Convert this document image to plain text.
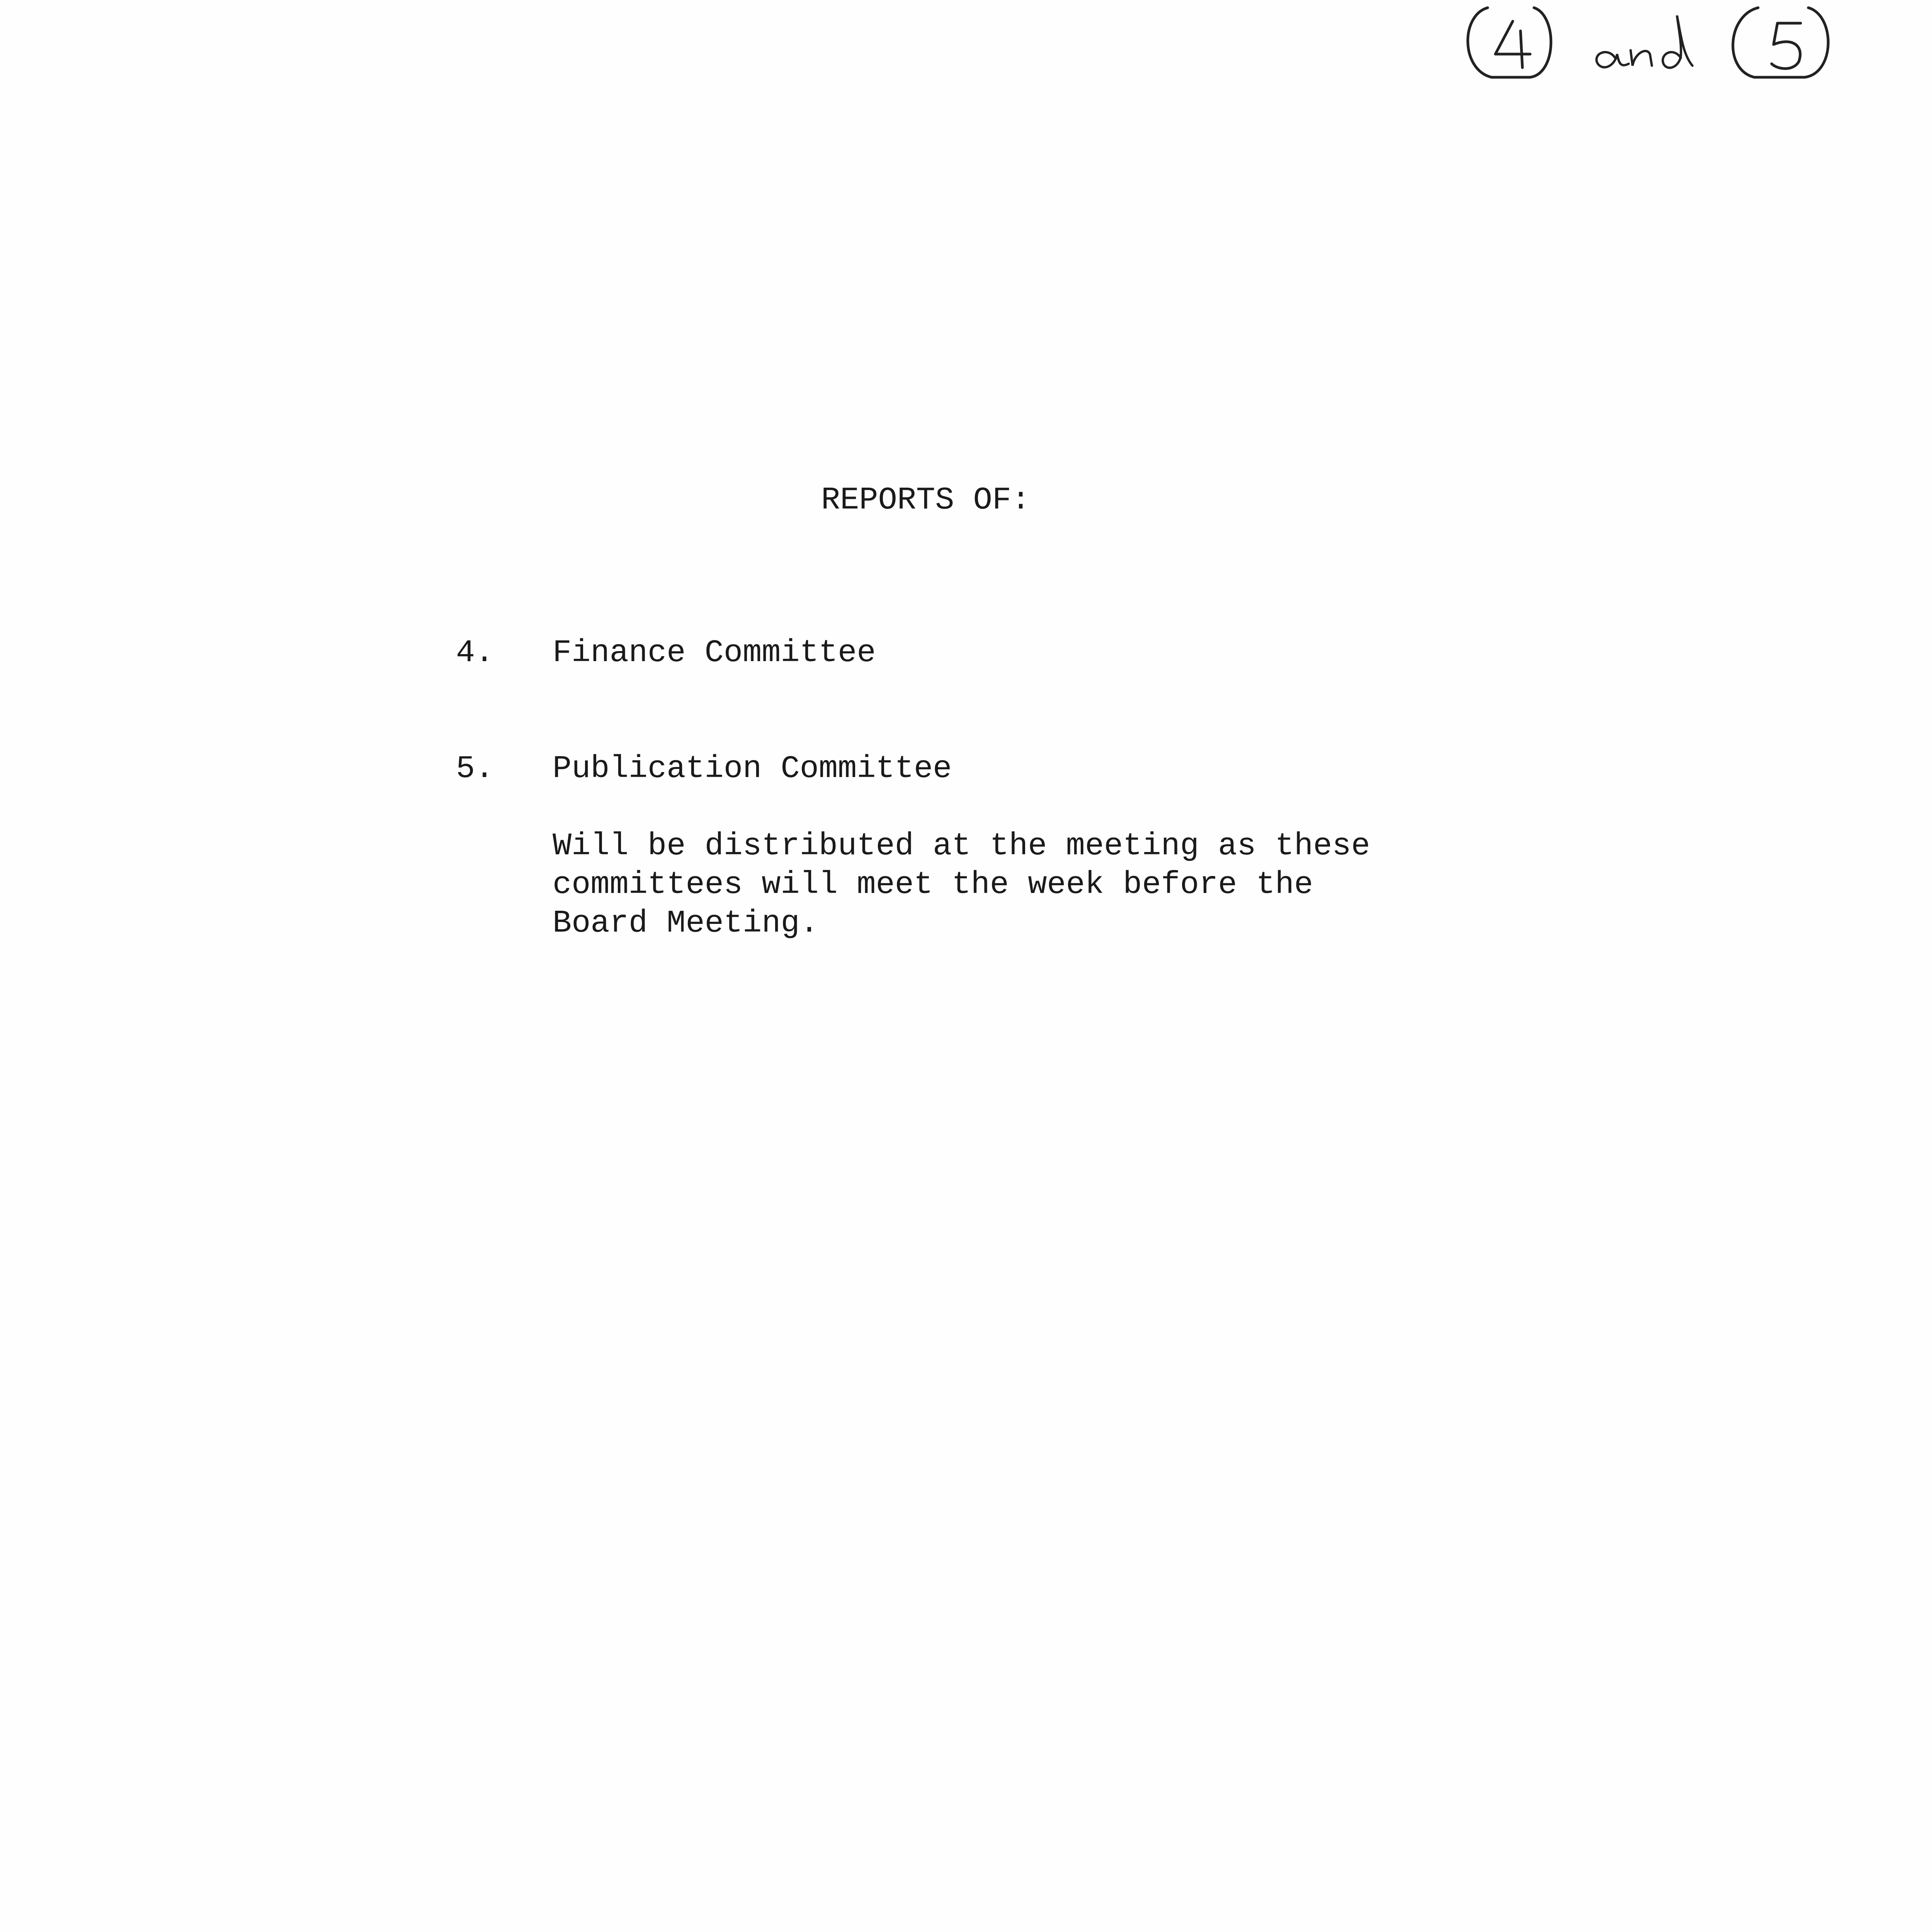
REPORTS OF:
4. Finance Committee
5. Publication Committee
Will be distributed at the meeting as these
committees will meet the week before the
Board Meeting.
